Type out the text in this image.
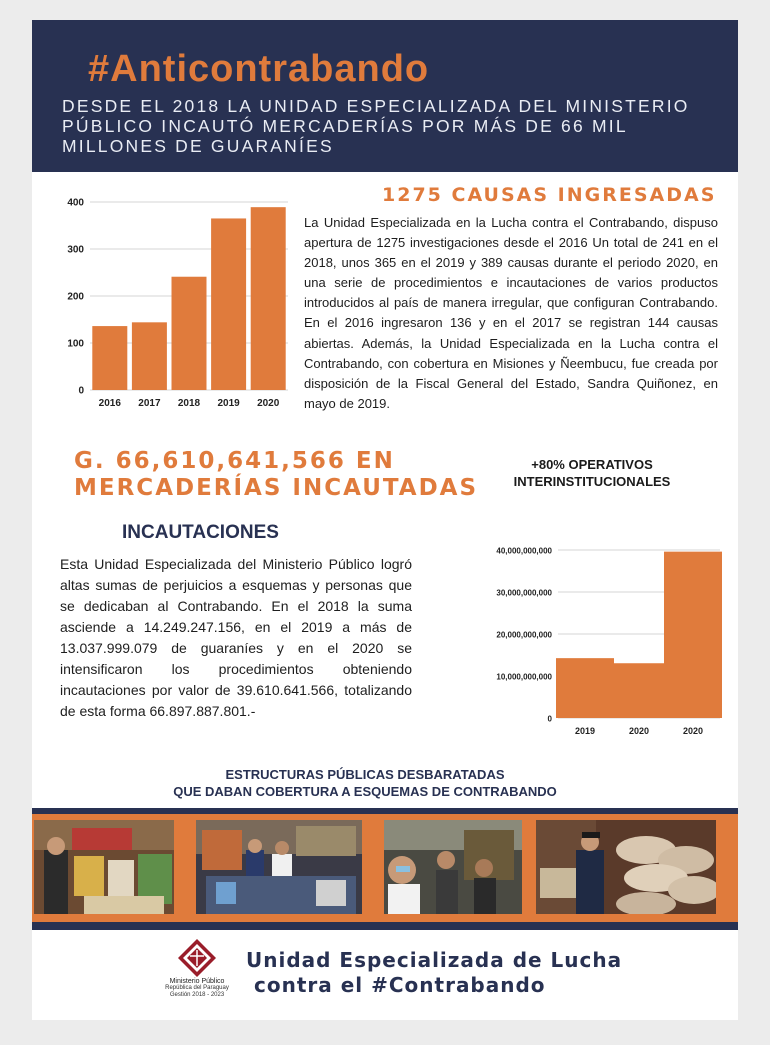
#Anticontrabando
DESDE EL 2018 LA UNIDAD ESPECIALIZADA DEL MINISTERIO PÚBLICO INCAUTÓ MERCADERÍAS POR MÁS DE 66 MIL MILLONES DE GUARANÍES
0
100
200
300
400
2016 2017 2018 2019 2020
1275 CAUSAS INGRESADAS
La Unidad Especializada en la Lucha contra el Contrabando, dispuso apertura de 1275 investigaciones desde el 2016 Un total de 241 en el 2018, unos 365 en el 2019 y 389 causas durante el periodo 2020, en una serie de procedimientos e incautaciones de varios productos introducidos al país de manera irregular, que configuran Contrabando. En el 2016 ingresaron 136 y en el 2017 se registran 144 causas abiertas. Además, la Unidad Especializada en la Lucha contra el Contrabando, con cobertura en Misiones y Ñeembucu, fue creada por disposición de la Fiscal General del Estado, Sandra Quiñonez, en mayo de 2019.
G. 66,610,641,566 EN
MERCADERÍAS INCAUTADAS
+80% OPERATIVOS
INTERINSTITUCIONALES
INCAUTACIONES
Esta Unidad Especializada del Ministerio Público logró altas sumas de perjuicios a esquemas y personas que se dedicaban al Contrabando. En el 2018 la suma asciende a 14.249.247.156, en el 2019 a más de 13.037.999.079 de guaraníes y en el 2020 se intensificaron los procedimientos obteniendo incautaciones por valor de 39.610.641.566, totalizando de esta forma 66.897.887.801.-	0
10,000,000,000
20,000,000,000
30,000,000,000
40,000,000,000
2019	2020	2020
ESTRUCTURAS PÚBLICAS DESBARATADAS
QUE DABAN COBERTURA A ESQUEMAS DE CONTRABANDO
Ministerio Público
República del Paraguay
Gestión 2018 - 2023
Unidad Especializada de Lucha
contra el #Contrabando
